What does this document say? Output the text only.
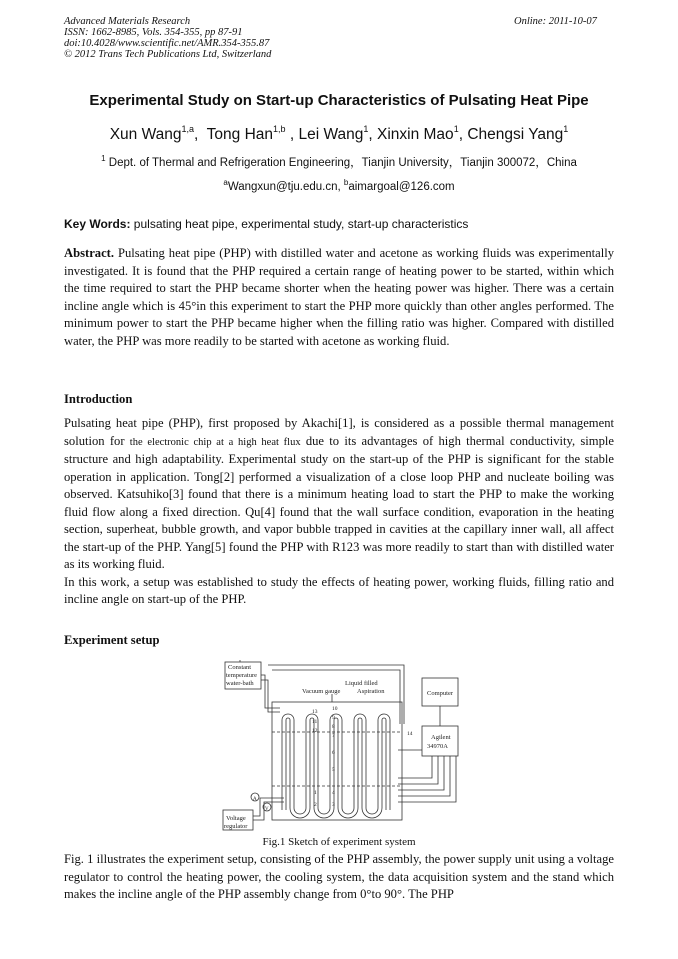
Advanced Materials Research
ISSN: 1662-8985, Vols. 354-355, pp 87-91
doi:10.4028/www.scientific.net/AMR.354-355.87
© 2012 Trans Tech Publications Ltd, Switzerland
Online: 2011-10-07
Experimental Study on Start-up Characteristics of Pulsating Heat Pipe
Xun Wang$^{1,a}$,  Tong Han$^{1,b}$ , Lei Wang$^1$, Xinxin Mao$^1$, Chengsi Yang$^1$
$^1$ Dept. of Thermal and Refrigeration Engineering，Tianjin University，Tianjin 300072，China
$^a$Wangxun@tju.edu.cn, $^b$aimargoal@126.com
Key Words: pulsating heat pipe, experimental study, start-up characteristics
Abstract. Pulsating heat pipe (PHP) with distilled water and acetone as working fluids was experimentally investigated. It is found that the PHP required a certain range of heating power to be started, within which the time required to start the PHP became shorter when the heating power was higher. There was a certain incline angle which is 45°in this experiment to start the PHP more quickly than other angles performed. The minimum power to start the PHP became higher when the filling ratio was higher. Compared with distilled water, the PHP was more readily to be started with acetone as working fluid.
Introduction
Pulsating heat pipe (PHP), first proposed by Akachi[1], is considered as a possible thermal management solution for the electronic chip at a high heat flux due to its advantages of high thermal conductivity, simple structure and high adaptability. Experimental study on the start-up of the PHP is significant for the stable operation in application. Tong[2] performed a visualization of a close loop PHP and nucleate boiling was observed. Katsuhiko[3] found that there is a minimum heating load to start the PHP to make the working fluid flow along a fixed direction. Qu[4] found that the wall surface condition, evaporation in the heating section, superheat, bubble growth, and vapor bubble trapped in cavities at the capillary inner wall, all affect the start-up of the PHP. Yang[5] found the PHP with R123 was more readily to start than with distilled water as its working fluid.
In this work, a setup was established to study the effects of heating power, working fluids, filling ratio and incline angle on start-up of the PHP.
Experiment setup
Constant
temperature
water-bath	Liquid filled
Vacuum gauge	Aspiration	Computer
Agilent
34970A
Voltage
regulator
A
V
13
11
12
10
9
8
7
6
5
4
3
1
2
14
Fig.1 Sketch of experiment system
Fig. 1 illustrates the experiment setup, consisting of the PHP assembly, the power supply unit using a voltage regulator to control the heating power, the cooling system, the data acquisition system and the stand which makes the incline angle of the PHP assembly change from 0°to 90°. The PHP
